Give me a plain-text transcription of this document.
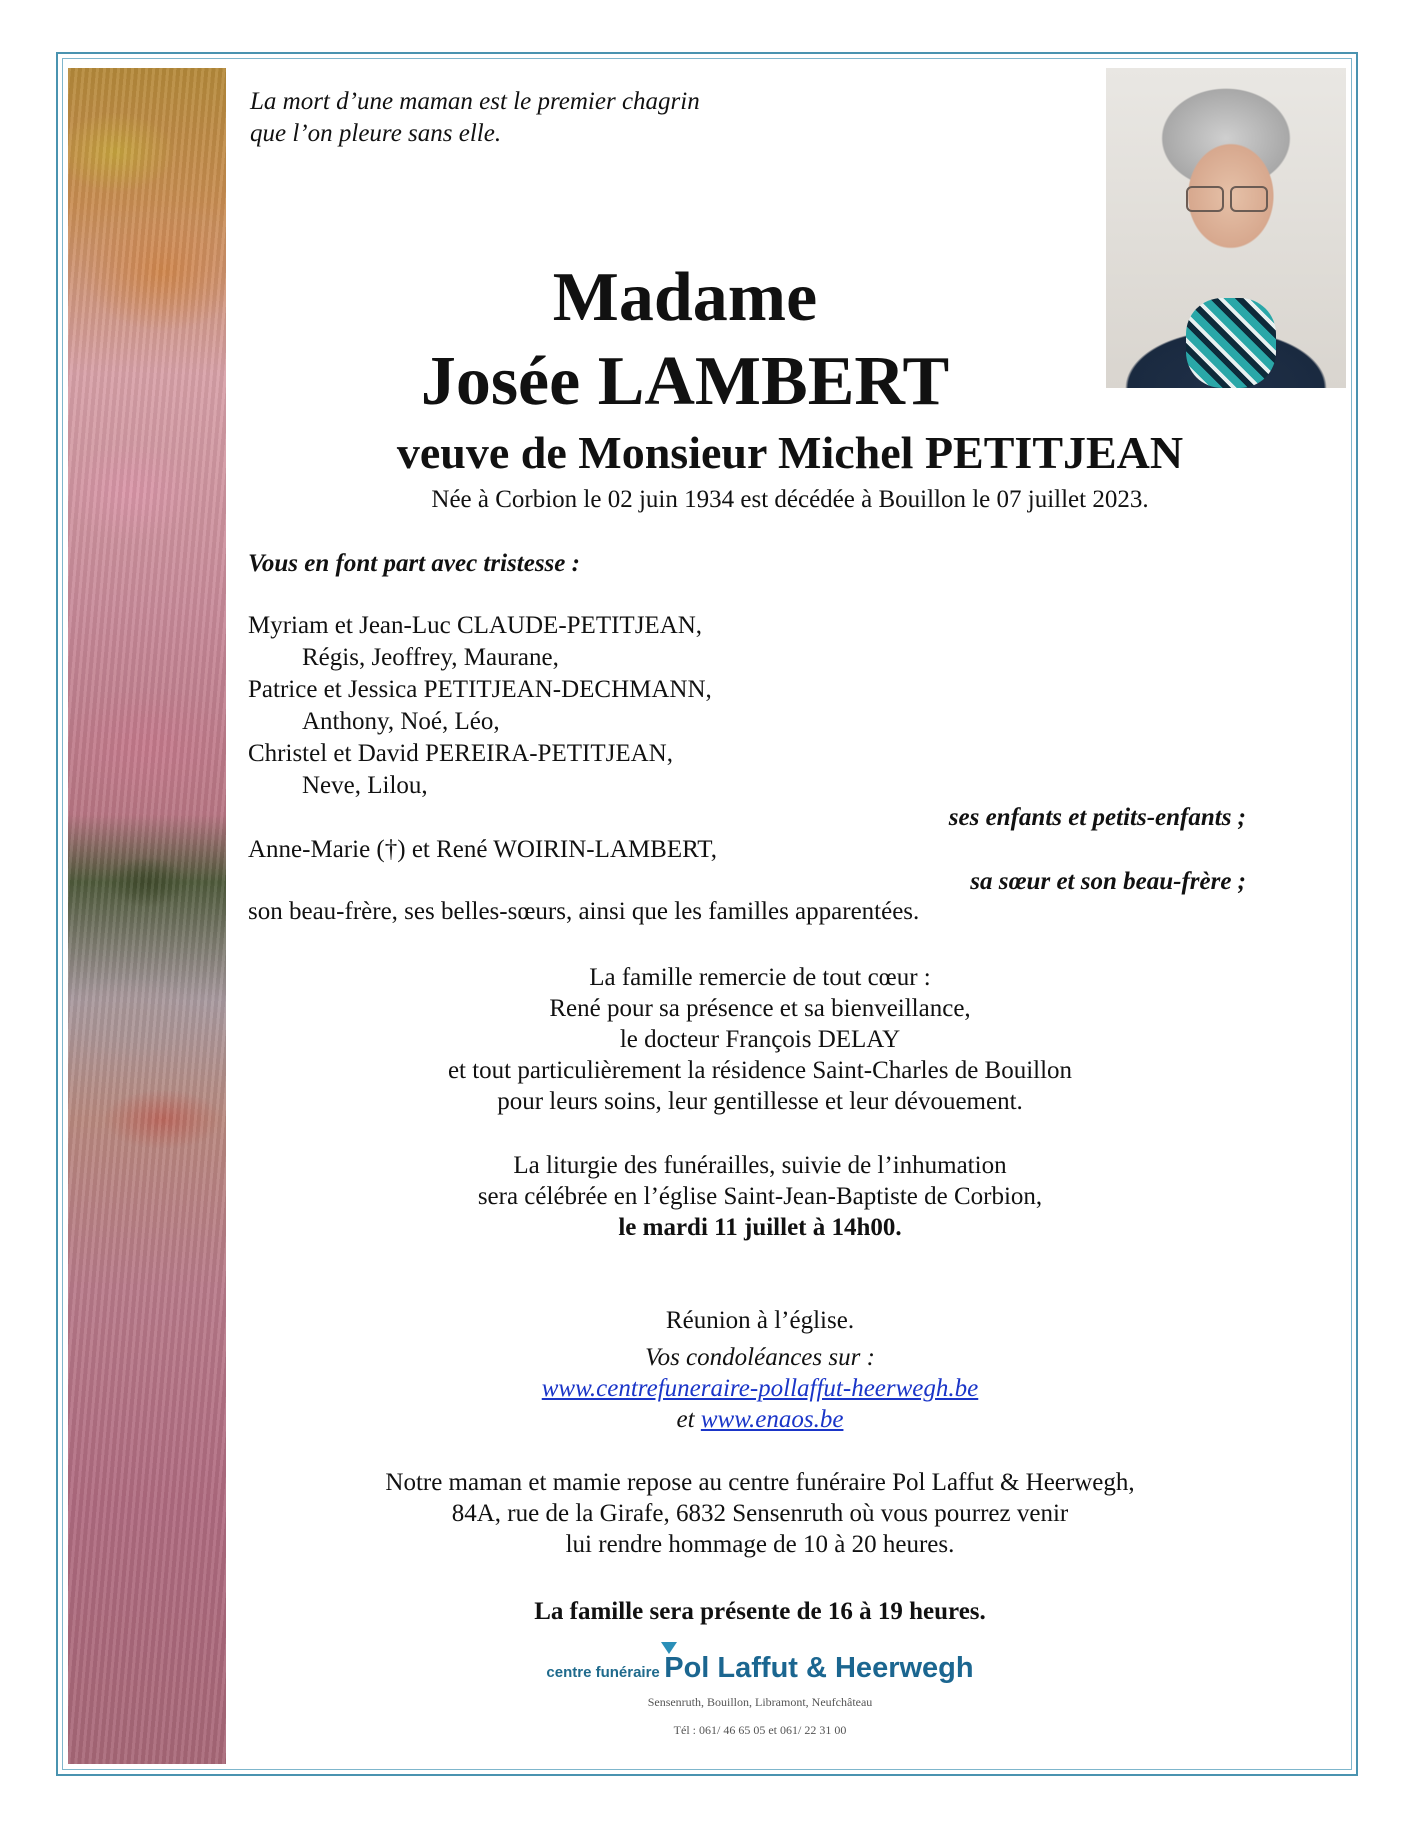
La mort d’une maman est le premier chagrin
que l’on pleure sans elle.
Madame
Josée LAMBERT
veuve de Monsieur Michel PETITJEAN
Née à Corbion le 02 juin 1934 est décédée à Bouillon le 07 juillet 2023.
Vous en font part avec tristesse :
Myriam et Jean-Luc CLAUDE-PETITJEAN,
Régis, Jeoffrey, Maurane,
Patrice et Jessica PETITJEAN-DECHMANN,
Anthony, Noé, Léo,
Christel et David PEREIRA-PETITJEAN,
Neve, Lilou,
ses enfants et petits-enfants ;
Anne-Marie (†) et René WOIRIN-LAMBERT,
sa sœur et son beau-frère ;
son beau-frère, ses belles-sœurs, ainsi que les familles apparentées.
La famille remercie de tout cœur :
René pour sa présence et sa bienveillance,
le docteur François DELAY
et tout particulièrement la résidence Saint-Charles de Bouillon
pour leurs soins, leur gentillesse et leur dévouement.
La liturgie des funérailles, suivie de l’inhumation
sera célébrée en l’église Saint-Jean-Baptiste de Corbion,
le mardi 11 juillet à 14h00.
Réunion à l’église.
Vos condoléances sur :
www.centrefuneraire-pollaffut-heerwegh.be
et www.enaos.be
Notre maman et mamie repose au centre funéraire Pol Laffut & Heerwegh,
84A, rue de la Girafe, 6832 Sensenruth où vous pourrez venir
lui rendre hommage de 10 à 20 heures.
La famille sera présente de 16 à 19 heures.
centre funéraire Pol Laffut & Heerwegh
Sensenruth, Bouillon, Libramont, Neufchâteau
Tél : 061/ 46 65 05 et 061/ 22 31 00
